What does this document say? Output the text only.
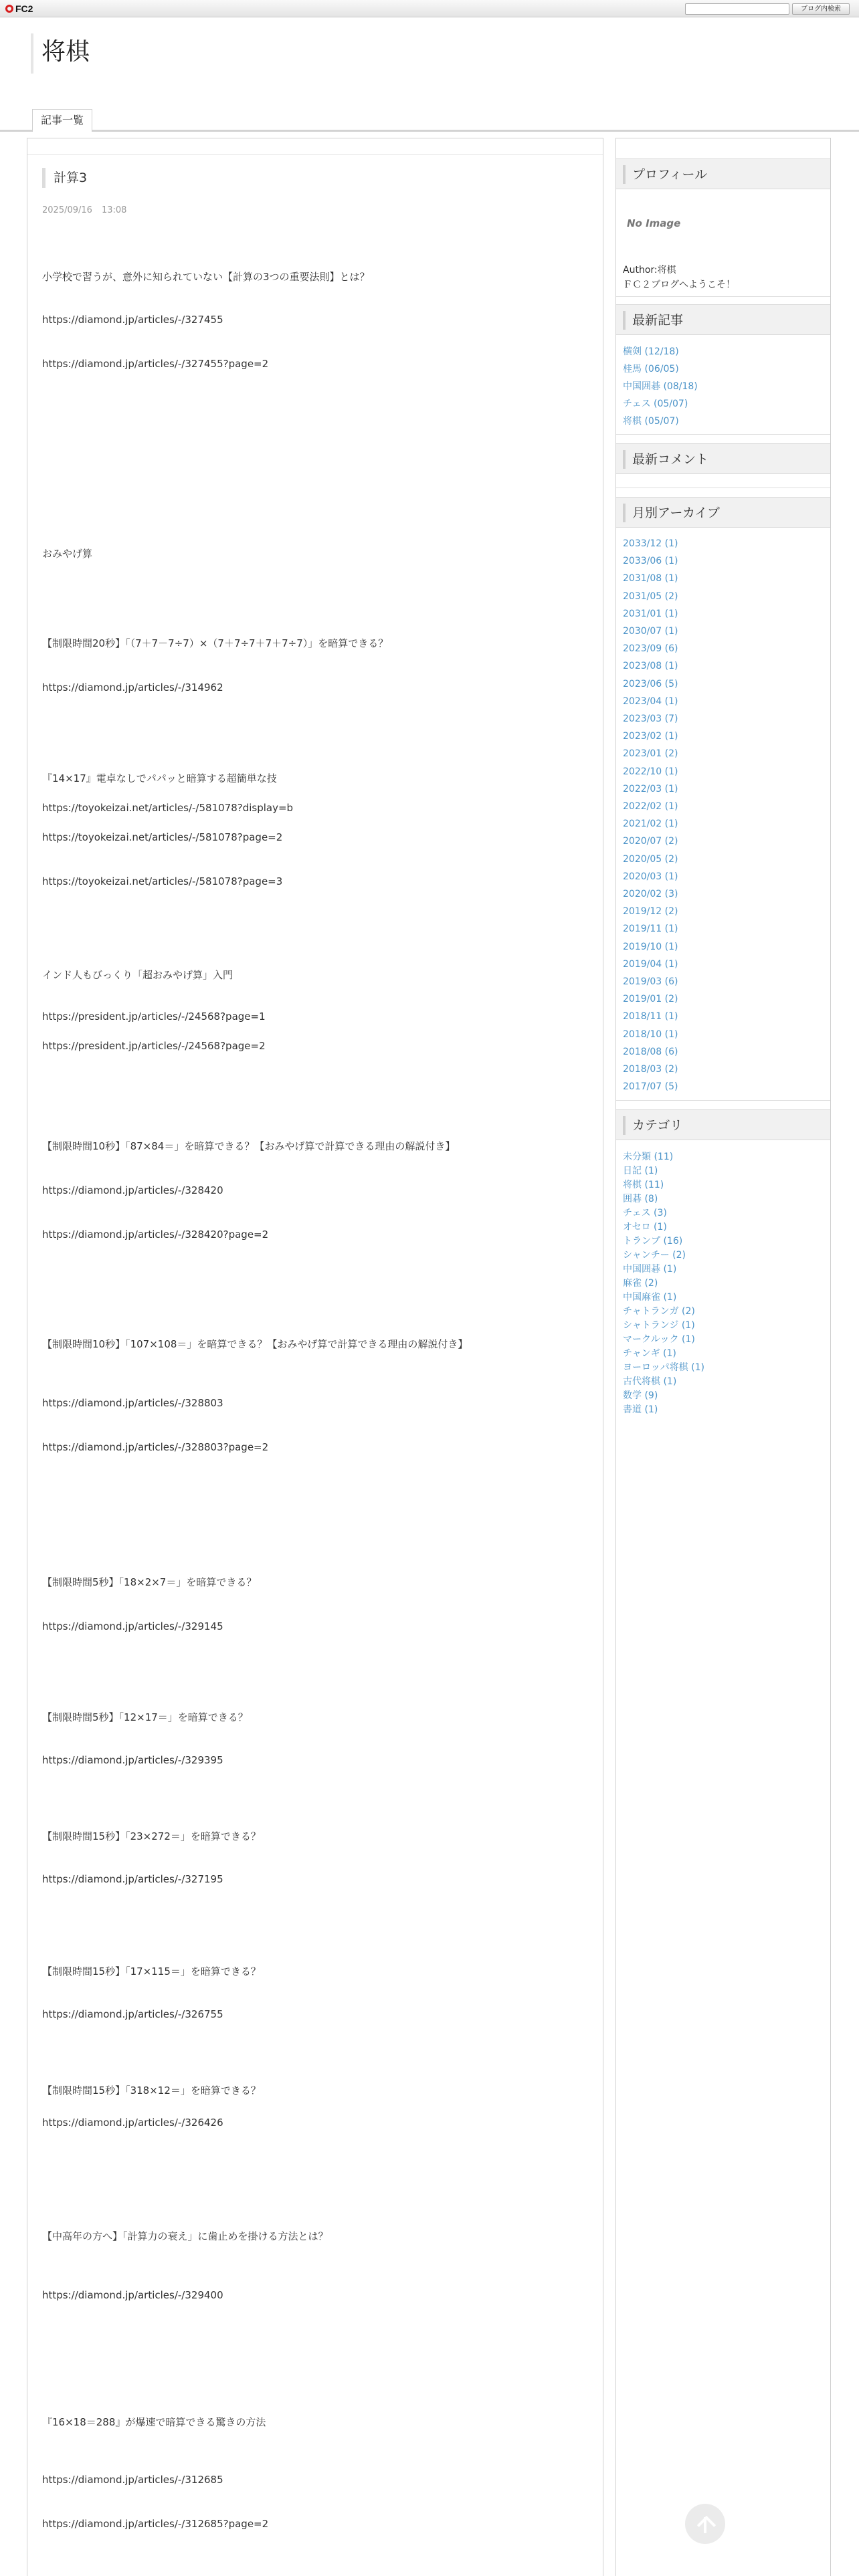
FC2	ブログ内検索
将棋
記事一覧
計算3
2025/09/16 13:08
小学校で習うが、意外に知られていない【計算の3つの重要法則】とは？
https://diamond.jp/articles/-/327455
https://diamond.jp/articles/-/327455?page=2
おみやげ算
【制限時間20秒】「（7＋7－7÷7）×（7＋7÷7＋7＋7÷7）」を暗算できる？
https://diamond.jp/articles/-/314962
『14×17』電卓なしでパパッと暗算する超簡単な技
https://toyokeizai.net/articles/-/581078?display=b
https://toyokeizai.net/articles/-/581078?page=2
https://toyokeizai.net/articles/-/581078?page=3
インド人もびっくり「超おみやげ算」入門
https://president.jp/articles/-/24568?page=1
https://president.jp/articles/-/24568?page=2
【制限時間10秒】「87×84＝」を暗算できる？【おみやげ算で計算できる理由の解説付き】
https://diamond.jp/articles/-/328420
https://diamond.jp/articles/-/328420?page=2
【制限時間10秒】「107×108＝」を暗算できる？【おみやげ算で計算できる理由の解説付き】
https://diamond.jp/articles/-/328803
https://diamond.jp/articles/-/328803?page=2
【制限時間5秒】「18×2×7＝」を暗算できる？
https://diamond.jp/articles/-/329145
【制限時間5秒】「12×17＝」を暗算できる？
https://diamond.jp/articles/-/329395
【制限時間15秒】「23×272＝」を暗算できる？
https://diamond.jp/articles/-/327195
【制限時間15秒】「17×115＝」を暗算できる？
https://diamond.jp/articles/-/326755
【制限時間15秒】「318×12＝」を暗算できる？
https://diamond.jp/articles/-/326426
【中高年の方へ】「計算力の衰え」に歯止めを掛ける方法とは？
https://diamond.jp/articles/-/329400
『16×18＝288』が爆速で暗算できる驚きの方法
https://diamond.jp/articles/-/312685
https://diamond.jp/articles/-/312685?page=2
プロフィール
No Image
Author:将棋
ＦＣ２ブログへようこそ！
最新記事
横剣 (12/18)
桂馬 (06/05)
中国囲碁 (08/18)
チェス (05/07)
将棋 (05/07)
最新コメント
月別アーカイブ
2033/12 (1)
2033/06 (1)
2031/08 (1)
2031/05 (2)
2031/01 (1)
2030/07 (1)
2023/09 (6)
2023/08 (1)
2023/06 (5)
2023/04 (1)
2023/03 (7)
2023/02 (1)
2023/01 (2)
2022/10 (1)
2022/03 (1)
2022/02 (1)
2021/02 (1)
2020/07 (2)
2020/05 (2)
2020/03 (1)
2020/02 (3)
2019/12 (2)
2019/11 (1)
2019/10 (1)
2019/04 (1)
2019/03 (6)
2019/01 (2)
2018/11 (1)
2018/10 (1)
2018/08 (6)
2018/03 (2)
2017/07 (5)
カテゴリ
未分類 (11)
日記 (1)
将棋 (11)
囲碁 (8)
チェス (3)
オセロ (1)
トランプ (16)
シャンチー (2)
中国囲碁 (1)
麻雀 (2)
中国麻雀 (1)
チャトランガ (2)
シャトランジ (1)
マークルック (1)
チャンギ (1)
ヨーロッパ将棋 (1)
古代将棋 (1)
数学 (9)
書道 (1)
